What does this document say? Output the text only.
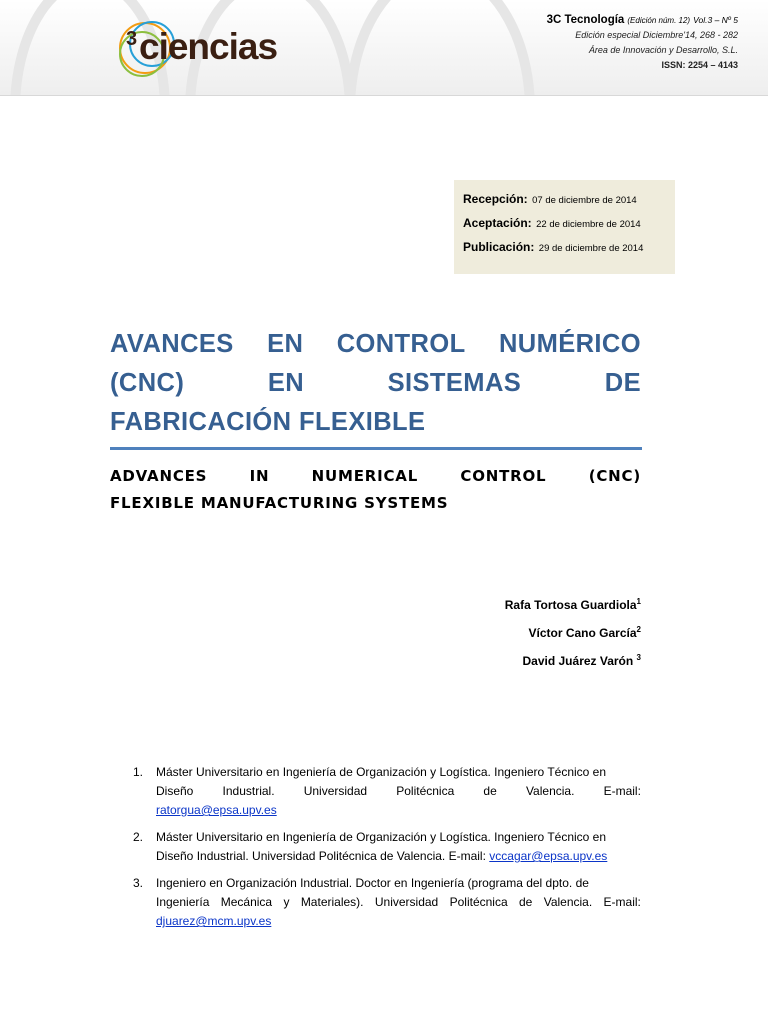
3 ciencias
3C Tecnología (Edición núm. 12) Vol.3 – Nº 5
Edición especial Diciembre'14, 268 - 282
Área de Innovación y Desarrollo, S.L.
ISSN: 2254 – 4143
Recepción: 07 de diciembre de 2014
Aceptación: 22 de diciembre de 2014
Publicación: 29 de diciembre de 2014
AVANCES EN CONTROL NUMÉRICO
(CNC)	EN	SISTEMAS	DE
FABRICACIÓN FLEXIBLE
ADVANCES	IN	NUMERICAL	CONTROL	(CNC)
FLEXIBLE MANUFACTURING SYSTEMS
Rafa Tortosa Guardiola$^1$
Víctor Cano García$^2$
David Juárez Varón $^3$
1. Máster Universitario en Ingeniería de Organización y Logística. Ingeniero Técnico en
Diseño Industrial. Universidad Politécnica de Valencia. E-mail:
ratorgua@epsa.upv.es
2. Máster Universitario en Ingeniería de Organización y Logística. Ingeniero Técnico en
Diseño Industrial. Universidad Politécnica de Valencia. E-mail: vccagar@epsa.upv.es
3. Ingeniero en Organización Industrial. Doctor en Ingeniería (programa del dpto. de
Ingeniería Mecánica y Materiales). Universidad Politécnica de Valencia. E-mail:
djuarez@mcm.upv.es
